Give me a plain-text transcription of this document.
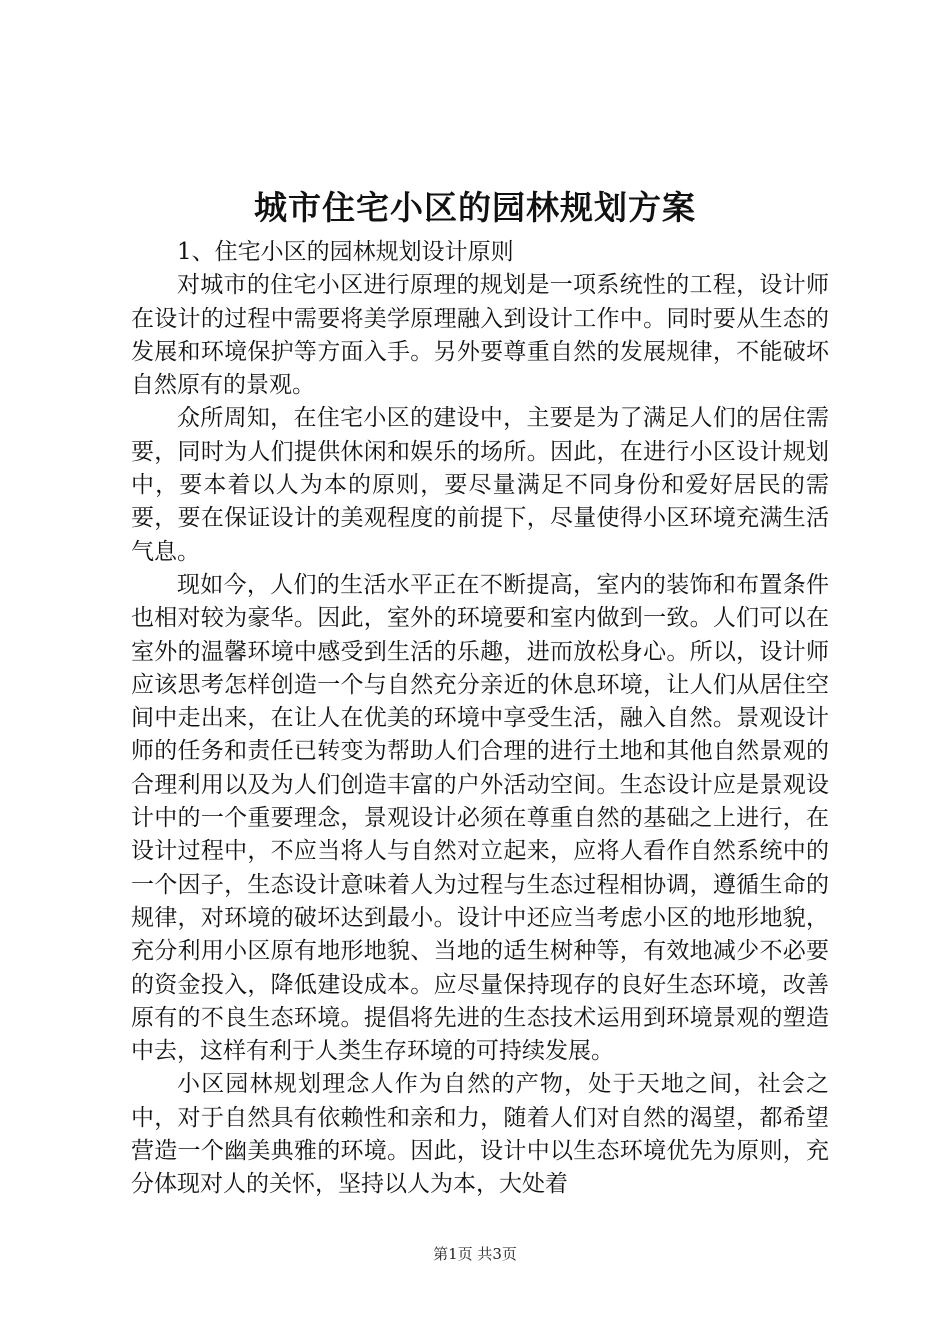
城市住宅小区的园林规划方案

1、住宅小区的园林规划设计原则

对城市的住宅小区进行原理的规划是一项系统性的工程，设计师在设计的过程中需要将美学原理融入到设计工作中。同时要从生态的发展和环境保护等方面入手。另外要尊重自然的发展规律，不能破坏自然原有的景观。

众所周知，在住宅小区的建设中，主要是为了满足人们的居住需要，同时为人们提供休闲和娱乐的场所。因此，在进行小区设计规划中，要本着以人为本的原则，要尽量满足不同身份和爱好居民的需要，要在保证设计的美观程度的前提下，尽量使得小区环境充满生活气息。

现如今，人们的生活水平正在不断提高，室内的装饰和布置条件也相对较为豪华。因此，室外的环境要和室内做到一致。人们可以在室外的温馨环境中感受到生活的乐趣，进而放松身心。所以，设计师应该思考怎样创造一个与自然充分亲近的休息环境，让人们从居住空间中走出来，在让人在优美的环境中享受生活，融入自然。景观设计师的任务和责任已转变为帮助人们合理的进行土地和其他自然景观的合理利用以及为人们创造丰富的户外活动空间。生态设计应是景观设计中的一个重要理念，景观设计必须在尊重自然的基础之上进行，在设计过程中，不应当将人与自然对立起来，应将人看作自然系统中的一个因子，生态设计意味着人为过程与生态过程相协调，遵循生命的规律，对环境的破坏达到最小。设计中还应当考虑小区的地形地貌，充分利用小区原有地形地貌、当地的适生树种等，有效地减少不必要的资金投入，降低建设成本。应尽量保持现存的良好生态环境，改善原有的不良生态环境。提倡将先进的生态技术运用到环境景观的塑造中去，这样有利于人类生存环境的可持续发展。

小区园林规划理念人作为自然的产物，处于天地之间，社会之中，对于自然具有依赖性和亲和力，随着人们对自然的渴望，都希望营造一个幽美典雅的环境。因此，设计中以生态环境优先为原则，充分体现对人的关怀，坚持以人为本，大处着

第1页 共3页
